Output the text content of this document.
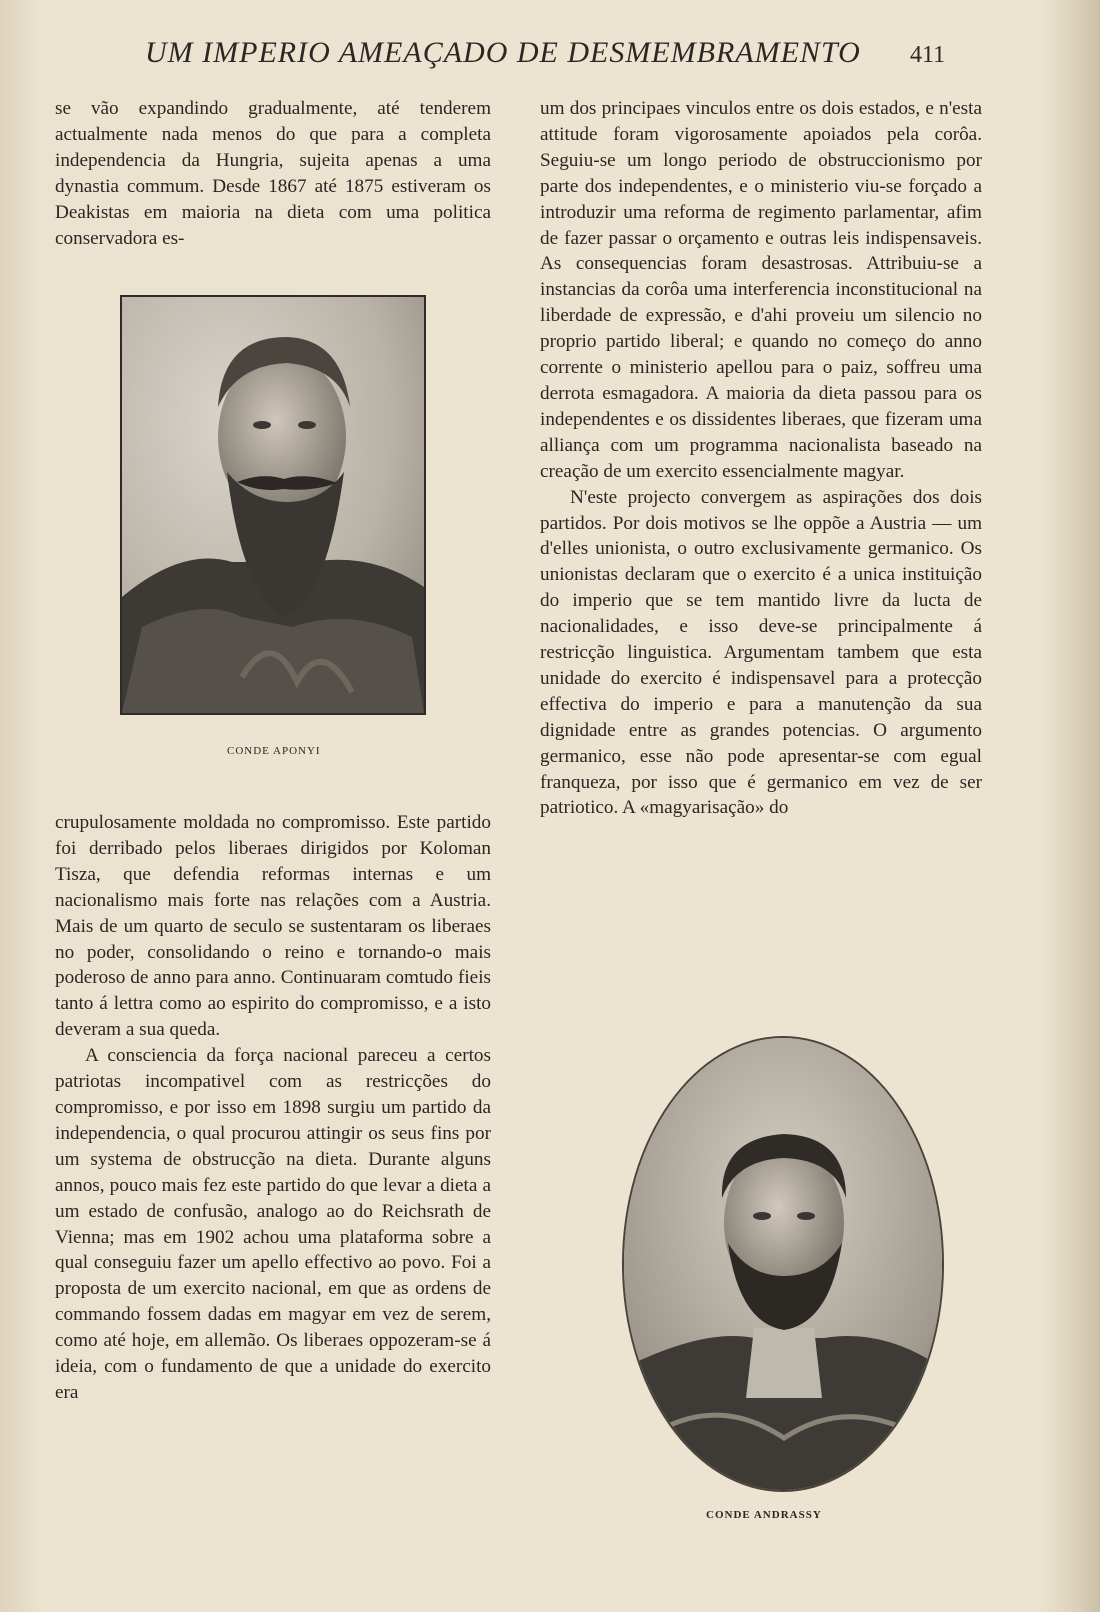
UM IMPERIO AMEAÇADO DE DESMEMBRAMENTO 411

se vão expandindo gradualmente, até tenderem actualmente nada menos do que para a completa independencia da Hungria, sujeita apenas a uma dynastia commum. Desde 1867 até 1875 estiveram os Deakistas em maioria na dieta com uma politica conservadora es-

CONDE APONYI

crupulosamente moldada no compromisso. Este partido foi derribado pelos liberaes dirigidos por Koloman Tisza, que defendia reformas internas e um nacionalismo mais forte nas relações com a Austria. Mais de um quarto de seculo se sustentaram os liberaes no poder, consolidando o reino e tornando-o mais poderoso de anno para anno. Continuaram comtudo fieis tanto á lettra como ao espirito do compromisso, e a isto deveram a sua queda.

A consciencia da força nacional pareceu a certos patriotas incompativel com as restricções do compromisso, e por isso em 1898 surgiu um partido da independencia, o qual procurou attingir os seus fins por um systema de obstrucção na dieta. Durante alguns annos, pouco mais fez este partido do que levar a dieta a um estado de confusão, analogo ao do Reichsrath de Vienna; mas em 1902 achou uma plataforma sobre a qual conseguiu fazer um apello effectivo ao povo. Foi a proposta de um exercito nacional, em que as ordens de commando fossem dadas em magyar em vez de serem, como até hoje, em allemão. Os liberaes oppozeram-se á ideia, com o fundamento de que a unidade do exercito era

um dos principaes vinculos entre os dois estados, e n'esta attitude foram vigorosamente apoiados pela corôa. Seguiu-se um longo periodo de obstruccionismo por parte dos independentes, e o ministerio viu-se forçado a introduzir uma reforma de regimento parlamentar, afim de fazer passar o orçamento e outras leis indispensaveis. As consequencias foram desastrosas. Attribuiu-se a instancias da corôa uma interferencia inconstitucional na liberdade de expressão, e d'ahi proveiu um silencio no proprio partido liberal; e quando no começo do anno corrente o ministerio apellou para o paiz, soffreu uma derrota esmagadora. A maioria da dieta passou para os independentes e os dissidentes liberaes, que fizeram uma alliança com um programma nacionalista baseado na creação de um exercito essencialmente magyar.

N'este projecto convergem as aspirações dos dois partidos. Por dois motivos se lhe oppõe a Austria — um d'elles unionista, o outro exclusivamente germanico. Os unionistas declaram que o exercito é a unica instituição do imperio que se tem mantido livre da lucta de nacionalidades, e isso deve-se principalmente á restricção linguistica. Argumentam tambem que esta unidade do exercito é indispensavel para a protecção effectiva do imperio e para a manutenção da sua dignidade entre as grandes potencias. O argumento germanico, esse não pode apresentar-se com egual franqueza, por isso que é germanico em vez de ser patriotico. A «magyarisação» do

CONDE ANDRASSY
